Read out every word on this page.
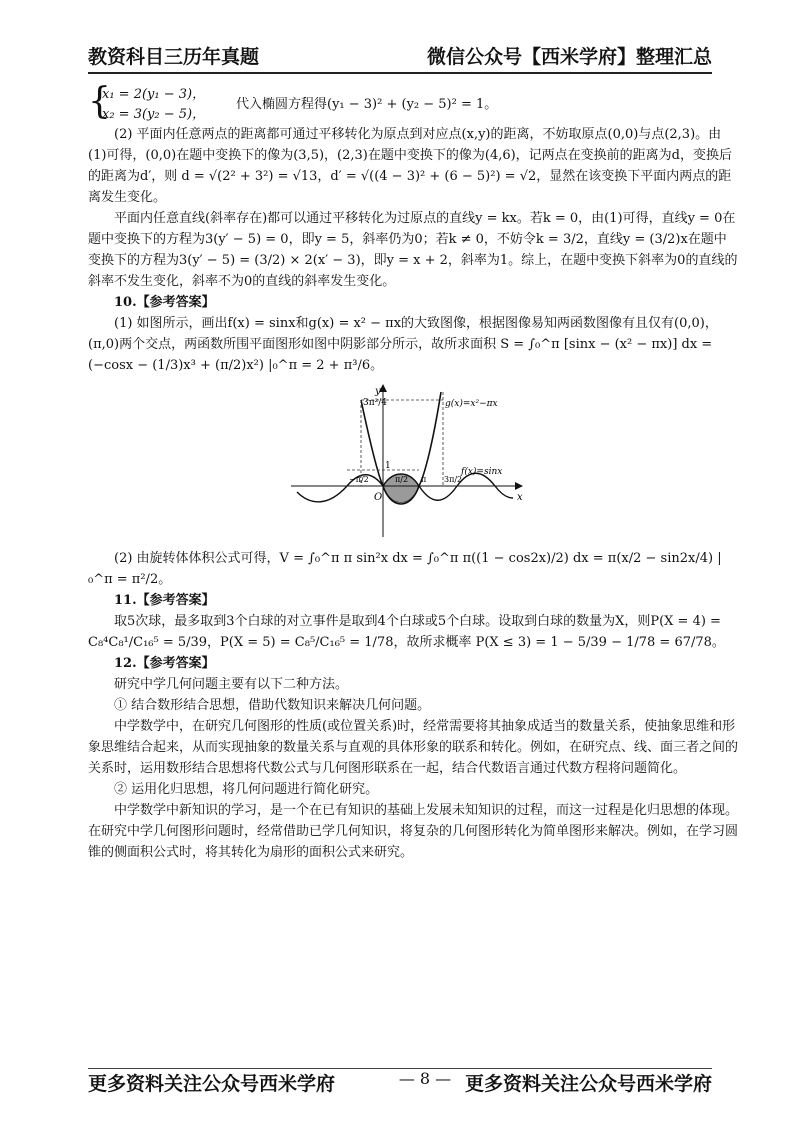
教资科目三历年真题	微信公众号【西米学府】整理汇总
{
x₁ = 2(y₁ − 3)，
x₂ = 3(y₂ − 5)，
代入椭圆方程得(y₁ − 3)² + (y₂ − 5)² = 1。

(2) 平面内任意两点的距离都可通过平移转化为原点到对应点(x,y)的距离，不妨取原点(0,0)与点(2,3)。由(1)可得，(0,0)在题中变换下的像为(3,5)，(2,3)在题中变换下的像为(4,6)，记两点在变换前的距离为d，变换后的距离为d′，则 d = √(2² + 3²) = √13，d′ = √((4 − 3)² + (6 − 5)²) = √2，显然在该变换下平面内两点的距离发生变化。

平面内任意直线(斜率存在)都可以通过平移转化为过原点的直线y = kx。若k = 0，由(1)可得，直线y = 0在题中变换下的方程为3(y′ − 5) = 0，即y = 5，斜率仍为0；若k ≠ 0，不妨令k = 3/2，直线y = (3/2)x在题中变换下的方程为3(y′ − 5) = (3/2) × 2(x′ − 3)，即y = x + 2，斜率为1。综上，在题中变换下斜率为0的直线的斜率不发生变化，斜率不为0的直线的斜率发生变化。

10.【参考答案】

(1) 如图所示，画出f(x) = sinx和g(x) = x² − πx的大致图像，根据图像易知两函数图像有且仅有(0,0)，(π,0)两个交点，两函数所围平面图形如图中阴影部分所示，故所求面积 S = ∫₀^π [sinx − (x² − πx)] dx = (−cosx − (1/3)x³ + (π/2)x²) |₀^π = 2 + π³/6。

y
x
O
3π²/4
1
−π/2	π/2 π 3π/2
g(x)=x²−πx
f(x)=sinx

(2) 由旋转体体积公式可得，V = ∫₀^π π sin²x dx = ∫₀^π π((1 − cos2x)/2) dx = π(x/2 − sin2x/4) |₀^π = π²/2。

11.【参考答案】

取5次球，最多取到3个白球的对立事件是取到4个白球或5个白球。设取到白球的数量为X，则P(X = 4) = C₈⁴C₈¹/C₁₆⁵ = 5/39，P(X = 5) = C₈⁵/C₁₆⁵ = 1/78，故所求概率 P(X ≤ 3) = 1 − 5/39 − 1/78 = 67/78。

12.【参考答案】

研究中学几何问题主要有以下二种方法。

① 结合数形结合思想，借助代数知识来解决几何问题。

中学数学中，在研究几何图形的性质(或位置关系)时，经常需要将其抽象成适当的数量关系，使抽象思维和形象思维结合起来，从而实现抽象的数量关系与直观的具体形象的联系和转化。例如，在研究点、线、面三者之间的关系时，运用数形结合思想将代数公式与几何图形联系在一起，结合代数语言通过代数方程将问题简化。

② 运用化归思想，将几何问题进行简化研究。

中学数学中新知识的学习，是一个在已有知识的基础上发展未知知识的过程，而这一过程是化归思想的体现。在研究中学几何图形问题时，经常借助已学几何知识，将复杂的几何图形转化为简单图形来解决。例如，在学习圆锥的侧面积公式时，将其转化为扇形的面积公式来研究。

更多资料关注公众号西米学府	— 8 — 更多资料关注公众号西米学府
